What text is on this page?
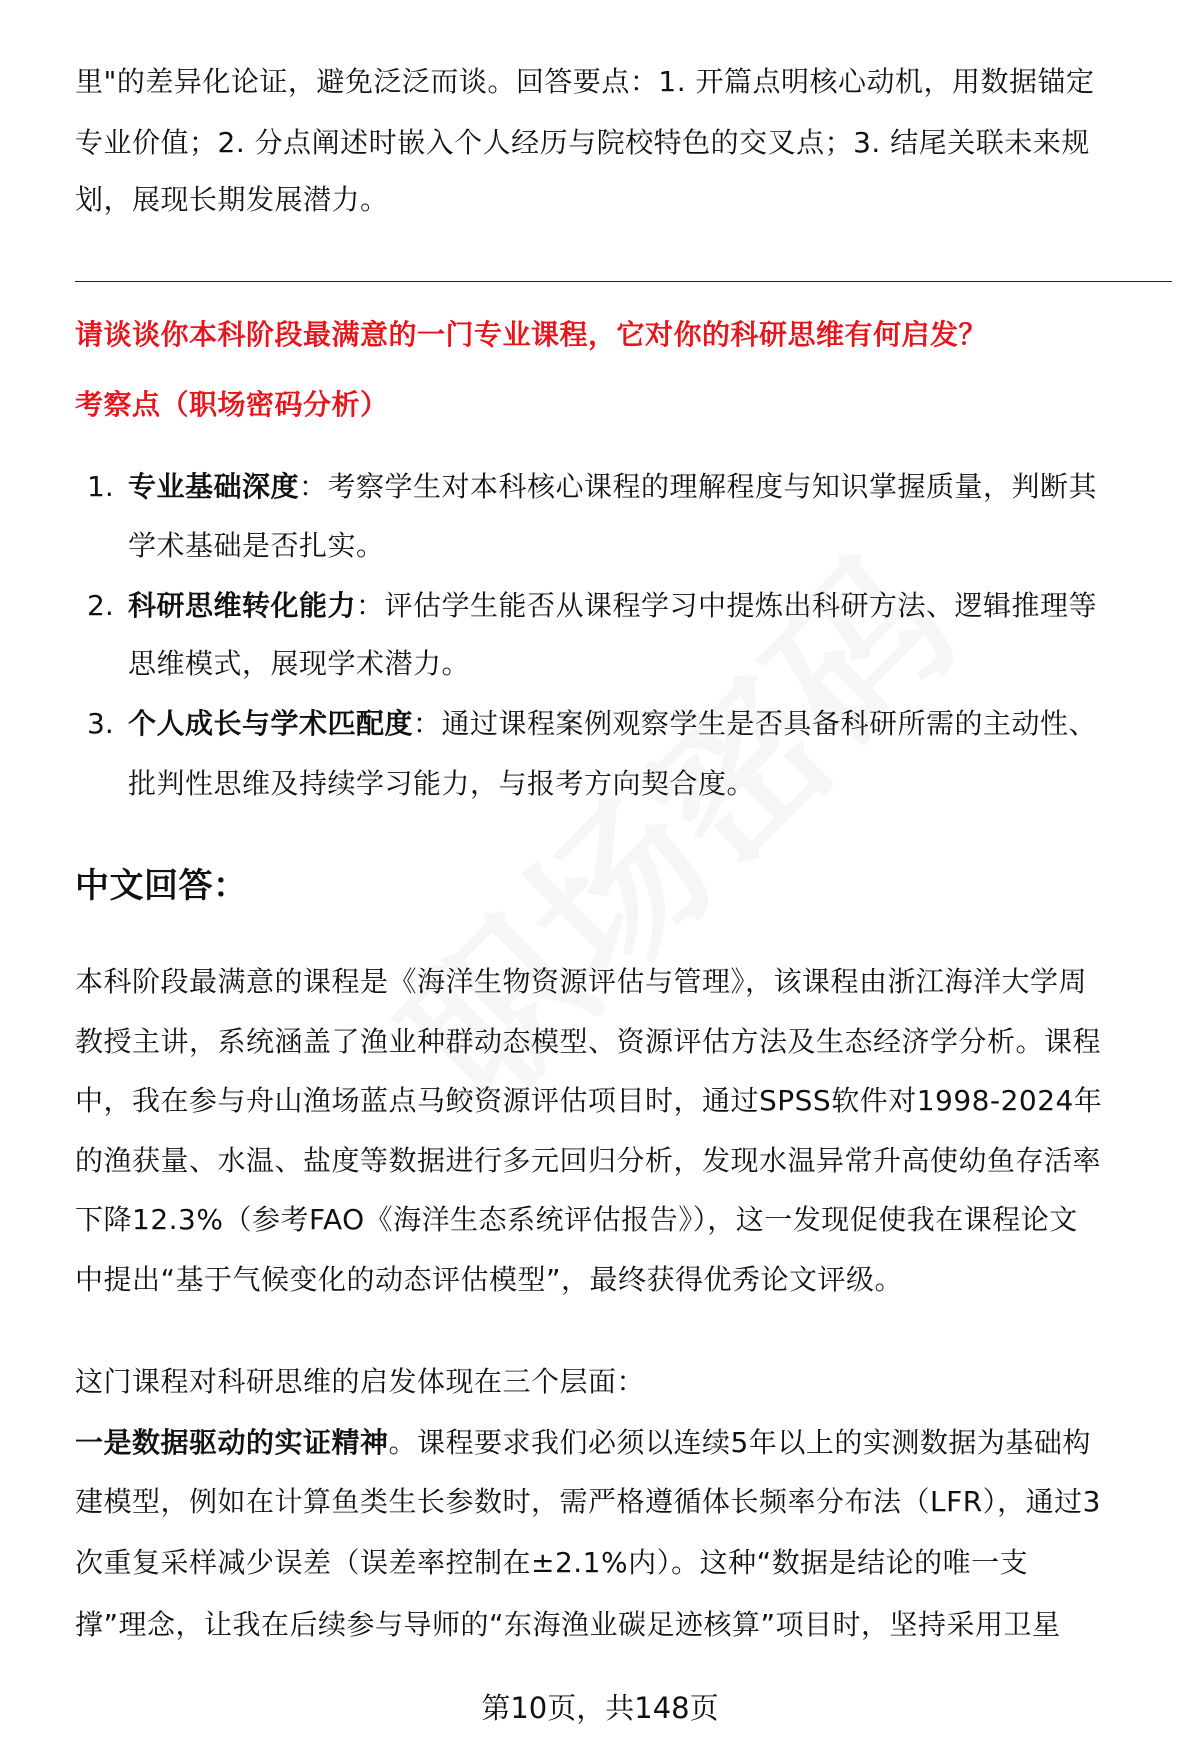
里"的差异化论证，避免泛泛而谈。回答要点：1. 开篇点明核心动机，用数据锚定
专业价值；2. 分点阐述时嵌入个人经历与院校特色的交叉点；3. 结尾关联未来规
划，展现长期发展潜力。
请谈谈你本科阶段最满意的一门专业课程，它对你的科研思维有何启发？
考察点（职场密码分析）
1. 专业基础深度：考察学生对本科核心课程的理解程度与知识掌握质量，判断其
学术基础是否扎实。
2. 科研思维转化能力：评估学生能否从课程学习中提炼出科研方法、逻辑推理等
思维模式，展现学术潜力。
3. 个人成长与学术匹配度：通过课程案例观察学生是否具备科研所需的主动性、
批判性思维及持续学习能力，与报考方向契合度。
中文回答：
本科阶段最满意的课程是《海洋生物资源评估与管理》，该课程由浙江海洋大学周
教授主讲，系统涵盖了渔业种群动态模型、资源评估方法及生态经济学分析。课程
中，我在参与舟山渔场蓝点马鲛资源评估项目时，通过SPSS软件对1998-2024年
的渔获量、水温、盐度等数据进行多元回归分析，发现水温异常升高使幼鱼存活率
下降12.3%（参考FAO《海洋生态系统评估报告》），这一发现促使我在课程论文
中提出“基于气候变化的动态评估模型”，最终获得优秀论文评级。
这门课程对科研思维的启发体现在三个层面：
一是数据驱动的实证精神。课程要求我们必须以连续5年以上的实测数据为基础构
建模型，例如在计算鱼类生长参数时，需严格遵循体长频率分布法（LFR），通过3
次重复采样减少误差（误差率控制在±2.1%内）。这种“数据是结论的唯一支
撑”理念，让我在后续参与导师的“东海渔业碳足迹核算”项目时，坚持采用卫星
第10页，共148页
